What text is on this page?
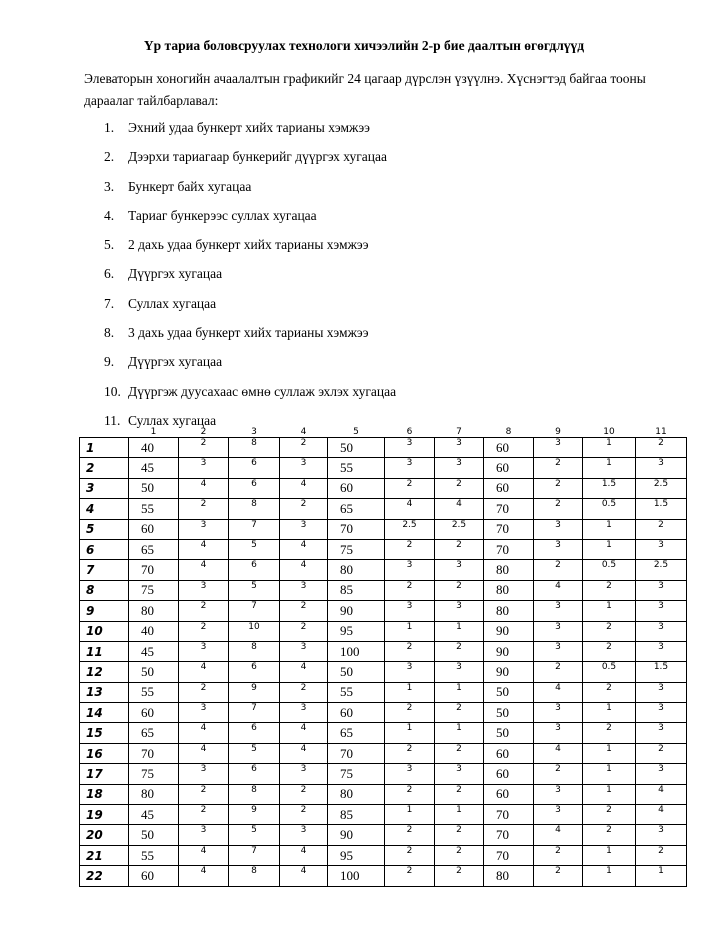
Үр тариа боловсруулах технологи хичээлийн 2-р бие даалтын өгөгдлүүд
Элеваторын хоногийн ачаалалтын графикийг 24 цагаар дүрслэн үзүүлнэ. Хүснэгтэд байгаа тооны дараалаг тайлбарлавал:
1. Эхний удаа бункерт хийх тарианы хэмжээ
2. Дээрхи тариагаар бункерийг дүүргэх хугацаа
3. Бункерт байх хугацаа
4. Тариаг бункерээс суллах хугацаа
5. 2 дахь удаа бункерт хийх тарианы хэмжээ
6. Дүүргэх хугацаа
7. Суллах хугацаа
8. 3 дахь удаа бункерт хийх тарианы хэмжээ
9. Дүүргэх хугацаа
10. Дүүргэж дуусахаас өмнө суллаж эхлэх хугацаа
11. Суллах хугацаа
	1	2	3	4	5	6	7	8	9	10	11
1	40	2	8	2	50	3	3	60	3	1	2
2	45	3	6	3	55	3	3	60	2	1	3
3	50	4	6	4	60	2	2	60	2	1.5	2.5
4	55	2	8	2	65	4	4	70	2	0.5	1.5
5	60	3	7	3	70	2.5	2.5	70	3	1	2
6	65	4	5	4	75	2	2	70	3	1	3
7	70	4	6	4	80	3	3	80	2	0.5	2.5
8	75	3	5	3	85	2	2	80	4	2	3
9	80	2	7	2	90	3	3	80	3	1	3
10	40	2	10	2	95	1	1	90	3	2	3
11	45	3	8	3	100	2	2	90	3	2	3
12	50	4	6	4	50	3	3	90	2	0.5	1.5
13	55	2	9	2	55	1	1	50	4	2	3
14	60	3	7	3	60	2	2	50	3	1	3
15	65	4	6	4	65	1	1	50	3	2	3
16	70	4	5	4	70	2	2	60	4	1	2
17	75	3	6	3	75	3	3	60	2	1	3
18	80	2	8	2	80	2	2	60	3	1	4
19	45	2	9	2	85	1	1	70	3	2	4
20	50	3	5	3	90	2	2	70	4	2	3
21	55	4	7	4	95	2	2	70	2	1	2
22	60	4	8	4	100	2	2	80	2	1	1
